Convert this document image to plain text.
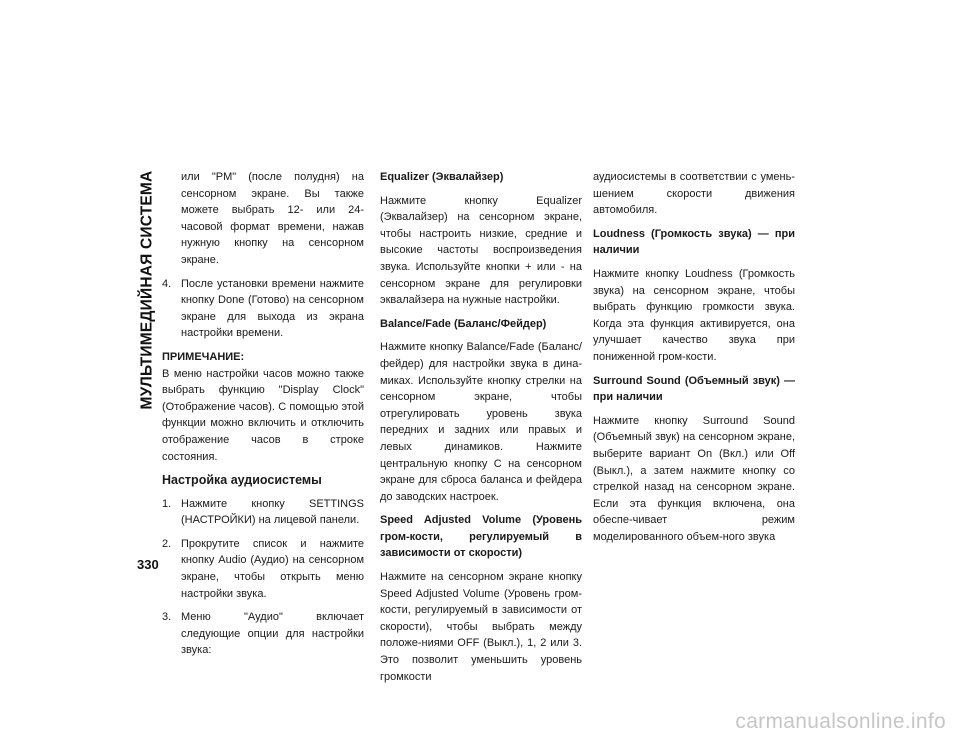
МУЛЬТИМЕДИЙНАЯ СИСТЕМА
330

или "PM" (после полудня) на сенсорном экране. Вы также можете выбрать 12- или 24-часовой формат времени, нажав нужную кнопку на сенсорном экране.

4. После установки времени нажмите кнопку Done (Готово) на сенсорном экране для выхода из экрана настройки времени.
ПРИМЕЧАНИЕ:

В меню настройки часов можно также выбрать функцию "Display Clock" (Отображение часов). С помощью этой функции можно включить и отключить отображение часов в строке состояния.

Настройка аудиосистемы
1. Нажмите кнопку SETTINGS (НАСТРОЙКИ) на лицевой панели.
2. Прокрутите список и нажмите кнопку Audio (Аудио) на сенсорном экране, чтобы открыть меню настройки звука.
3. Меню "Аудио" включает следующие опции для настройки звука:
Equalizer (Эквалайзер)

Нажмите кнопку Equalizer (Эквалайзер) на сенсорном экране, чтобы настроить низкие, средние и высокие частоты воспроизведения звука. Используйте кнопки + или - на сенсорном экране для регулировки эквалайзера на нужные настройки.

Balance/Fade (Баланс/Фейдер)

Нажмите кнопку Balance/Fade (Баланс/фейдер) для настройки звука в дина-миках. Используйте кнопку стрелки на сенсорном экране, чтобы отрегулировать уровень звука передних и задних или правых и левых динамиков. Нажмите центральную кнопку C на сенсорном экране для сброса баланса и фейдера до заводских настроек.

Speed Adjusted Volume (Уровень гром-кости, регулируемый в зависимости от скорости)

Нажмите на сенсорном экране кнопку Speed Adjusted Volume (Уровень гром-кости, регулируемый в зависимости от скорости), чтобы выбрать между положе-ниями OFF (Выкл.), 1, 2 или 3. Это позволит уменьшить уровень громкости

аудиосистемы в соответствии с умень-шением скорости движения автомобиля.

Loudness (Громкость звука) — при наличии

Нажмите кнопку Loudness (Громкость звука) на сенсорном экране, чтобы выбрать функцию громкости звука. Когда эта функция активируется, она улучшает качество звука при пониженной гром-кости.

Surround Sound (Объемный звук) — при наличии

Нажмите кнопку Surround Sound (Объемный звук) на сенсорном экране, выберите вариант On (Вкл.) или Off (Выкл.), а затем нажмите кнопку со стрелкой назад на сенсорном экране. Если эта функция включена, она обеспе-чивает режим моделированного объем-ного звука

carmanualsonline.info
